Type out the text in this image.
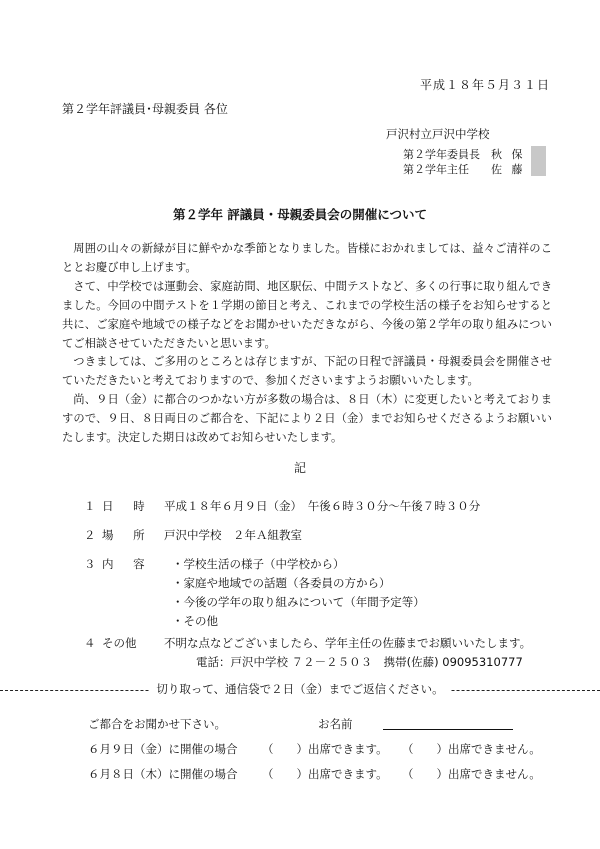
平成１８年５月３１日
第２学年評議員･母親委員 各位
戸沢村立戸沢中学校
第２学年委員長 秋 保
第２学年主任 佐 藤
第２学年 評議員・母親委員会の開催について

周囲の山々の新緑が目に鮮やかな季節となりました。皆様におかれましては、益々ご清祥のこととお慶び申し上げます。

さて、中学校では運動会、家庭訪問、地区駅伝、中間テストなど、多くの行事に取り組んできました。今回の中間テストを１学期の節目と考え、これまでの学校生活の様子をお知らせすると共に、ご家庭や地域での様子などをお聞かせいただきながら、今後の第２学年の取り組みについてご相談させていただきたいと思います。

つきましては、ご多用のところとは存じますが、下記の日程で評議員・母親委員会を開催させていただきたいと考えておりますので、参加くださいますようお願いいたします。

尚、９日（金）に都合のつかない方が多数の場合は、８日（木）に変更したいと考えておりますので、９日、８日両日のご都合を、下記により２日（金）までお知らせくださるようお願いいたします。決定した期日は改めてお知らせいたします。

記
１ 日 時 平成１８年６月９日（金）　午後６時３０分～午後７時３０分
２ 場 所 戸沢中学校　２年Ａ組教室
３ 内 容 ・学校生活の様子（中学校から）
・家庭や地域での話題（各委員の方から）
・今後の学年の取り組みについて（年間予定等）
・その他
４ その他 不明な点などございましたら、学年主任の佐藤までお願いいたします。
電話：戸沢中学校 ７２－２５０３　携帯(佐藤) 09095310777
切り取って、通信袋で２日（金）までご返信ください。
ご都合をお聞かせ下さい。	お名前
６月９日（金）に開催の場合 （　　）出席できます。 （　　）出席できません。
６月８日（木）に開催の場合 （　　）出席できます。 （　　）出席できません。
